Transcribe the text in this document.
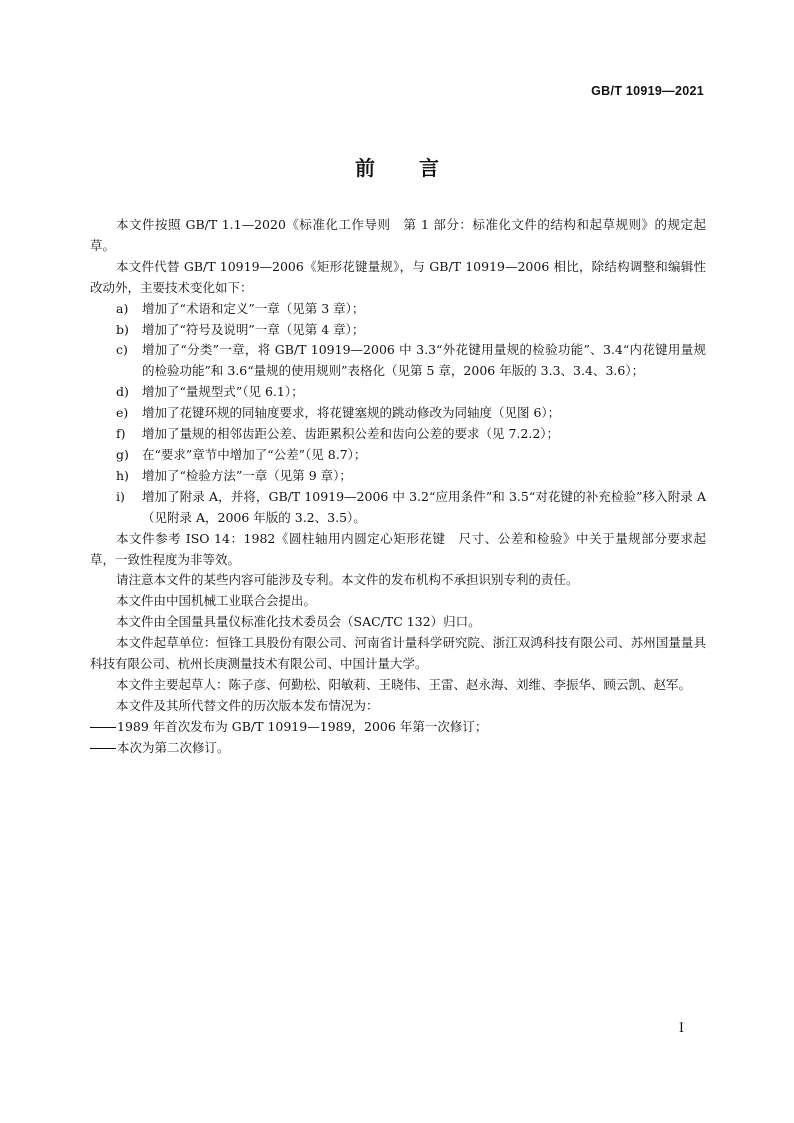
GB/T 10919—2021
前 言

本文件按照 GB/T 1.1—2020《标准化工作导则　第 1 部分：标准化文件的结构和起草规则》的规定起草。

本文件代替 GB/T 10919—2006《矩形花键量规》，与 GB/T 10919—2006 相比，除结构调整和编辑性改动外，主要技术变化如下：

a)	增加了“术语和定义”一章（见第 3 章）；
b)	增加了“符号及说明”一章（见第 4 章）；
c)	增加了“分类”一章，将 GB/T 10919—2006 中 3.3“外花键用量规的检验功能”、3.4“内花键用量规的检验功能”和 3.6“量规的使用规则”表格化（见第 5 章，2006 年版的 3.3、3.4、3.6）；
d)	增加了“量规型式”（见 6.1）；
e)	增加了花键环规的同轴度要求，将花键塞规的跳动修改为同轴度（见图 6）；
f)	增加了量规的相邻齿距公差、齿距累积公差和齿向公差的要求（见 7.2.2）；
g)	在“要求”章节中增加了“公差”（见 8.7）；
h)	增加了“检验方法”一章（见第 9 章）；
i)	增加了附录 A，并将，GB/T 10919—2006 中 3.2“应用条件”和 3.5“对花键的补充检验”移入附录 A（见附录 A，2006 年版的 3.2、3.5）。

本文件参考 ISO 14：1982《圆柱轴用内圆定心矩形花键　尺寸、公差和检验》中关于量规部分要求起草，一致性程度为非等效。

请注意本文件的某些内容可能涉及专利。本文件的发布机构不承担识别专利的责任。

本文件由中国机械工业联合会提出。

本文件由全国量具量仪标准化技术委员会（SAC/TC 132）归口。

本文件起草单位：恒锋工具股份有限公司、河南省计量科学研究院、浙江双鸿科技有限公司、苏州国量量具科技有限公司、杭州长庚测量技术有限公司、中国计量大学。

本文件主要起草人：陈子彦、何勤松、阳敏莉、王晓伟、王雷、赵永海、刘维、李振华、顾云凯、赵军。

本文件及其所代替文件的历次版本发布情况为：

1989 年首次发布为 GB/T 10919—1989，2006 年第一次修订；

本次为第二次修订。

I
